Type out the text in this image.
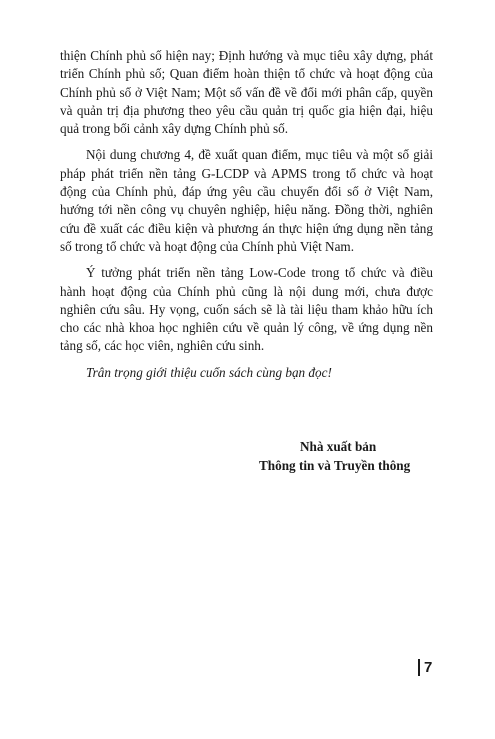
thiện Chính phủ số hiện nay; Định hướng và mục tiêu xây dựng, phát triển Chính phủ số; Quan điểm hoàn thiện tổ chức và hoạt động của Chính phủ số ở Việt Nam; Một số vấn đề về đổi mới phân cấp, quyền và quản trị địa phương theo yêu cầu quản trị quốc gia hiện đại, hiệu quả trong bối cảnh xây dựng Chính phủ số.

Nội dung chương 4, đề xuất quan điểm, mục tiêu và một số giải pháp phát triển nền tảng G-LCDP và APMS trong tổ chức và hoạt động của Chính phủ, đáp ứng yêu cầu chuyển đổi số ở Việt Nam, hướng tới nền công vụ chuyên nghiệp, hiệu năng. Đồng thời, nghiên cứu đề xuất các điều kiện và phương án thực hiện ứng dụng nền tảng số trong tổ chức và hoạt động của Chính phủ Việt Nam.

Ý tưởng phát triển nền tảng Low-Code trong tổ chức và điều hành hoạt động của Chính phủ cũng là nội dung mới, chưa được nghiên cứu sâu. Hy vọng, cuốn sách sẽ là tài liệu tham khảo hữu ích cho các nhà khoa học nghiên cứu về quản lý công, về ứng dụng nền tảng số, các học viên, nghiên cứu sinh.

Trân trọng giới thiệu cuốn sách cùng bạn đọc!

Nhà xuất bản
Thông tin và Truyền thông
7
